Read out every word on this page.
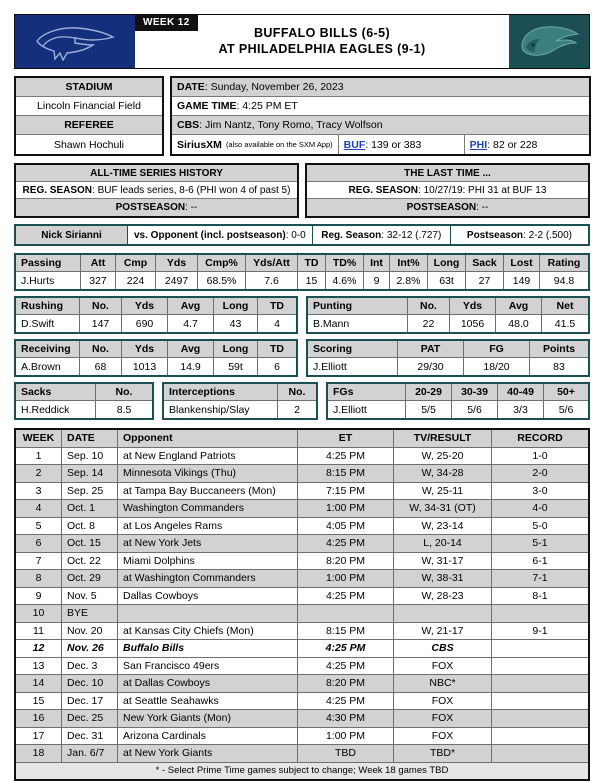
WEEK 12
BUFFALO BILLS (6-5)
AT PHILADELPHIA EAGLES (9-1)
STADIUM
Lincoln Financial Field
REFEREE
Shawn Hochuli
DATE : Sunday, November 26, 2023
GAME TIME : 4:25 PM ET
CBS : Jim Nantz, Tony Romo, Tracy Wolfson
SiriusXM (also available on the SXM App) BUF : 139 or 383	PHI : 82 or 228
ALL-TIME SERIES HISTORY
REG. SEASON : BUF leads series, 8-6 (PHI won 4 of past 5)
POSTSEASON : --
THE LAST TIME ...
REG. SEASON : 10/27/19: PHI 31 at BUF 13
POSTSEASON : --
Nick Sirianni	vs. Opponent (incl. postseason) : 0-0 Reg. Season : 32-12 (.727)	Postseason : 2-2 (.500)
Passing	Att	Cmp	Yds	Cmp%	Yds/Att	TD	TD%	Int	Int%	Long	Sack	Lost	Rating
J.Hurts	327	224	2497	68.5%	7.6	15	4.6%	9	2.8%	63t	27	149	94.8
Rushing	No.	Yds	Avg	Long	TD
D.Swift	147	690	4.7	43	4
Punting	No.	Yds	Avg	Net
B.Mann	22	1056	48.0	41.5
Receiving	No.	Yds	Avg	Long	TD
A.Brown	68	1013	14.9	59t	6
Scoring	PAT	FG	Points
J.Elliott	29/30	18/20	83
Sacks	No.
H.Reddick	8.5
Interceptions	No.
Blankenship/Slay	2
FGs	20-29	30-39	40-49	50+
J.Elliott	5/5	5/6	3/3	5/6
WEEK	DATE	Opponent	ET	TV/RESULT	RECORD
1	Sep. 10	at New England Patriots	4:25 PM	W, 25-20	1-0
2	Sep. 14	Minnesota Vikings (Thu)	8:15 PM	W, 34-28	2-0
3	Sep. 25	at Tampa Bay Buccaneers (Mon)	7:15 PM	W, 25-11	3-0
4	Oct. 1	Washington Commanders	1:00 PM	W, 34-31 (OT)	4-0
5	Oct. 8	at Los Angeles Rams	4:05 PM	W, 23-14	5-0
6	Oct. 15	at New York Jets	4:25 PM	L, 20-14	5-1
7	Oct. 22	Miami Dolphins	8:20 PM	W, 31-17	6-1
8	Oct. 29	at Washington Commanders	1:00 PM	W, 38-31	7-1
9	Nov. 5	Dallas Cowboys	4:25 PM	W, 28-23	8-1
10	BYE
11	Nov. 20	at Kansas City Chiefs (Mon)	8:15 PM	W, 21-17	9-1
12	Nov. 26	Buffalo Bills	4:25 PM	CBS
13	Dec. 3	San Francisco 49ers	4:25 PM	FOX
14	Dec. 10	at Dallas Cowboys	8:20 PM	NBC*
15	Dec. 17	at Seattle Seahawks	4:25 PM	FOX
16	Dec. 25	New York Giants (Mon)	4:30 PM	FOX
17	Dec. 31	Arizona Cardinals	1:00 PM	FOX
18	Jan. 6/7	at New York Giants	TBD	TBD*
* - Select Prime Time games subject to change; Week 18 games TBD
